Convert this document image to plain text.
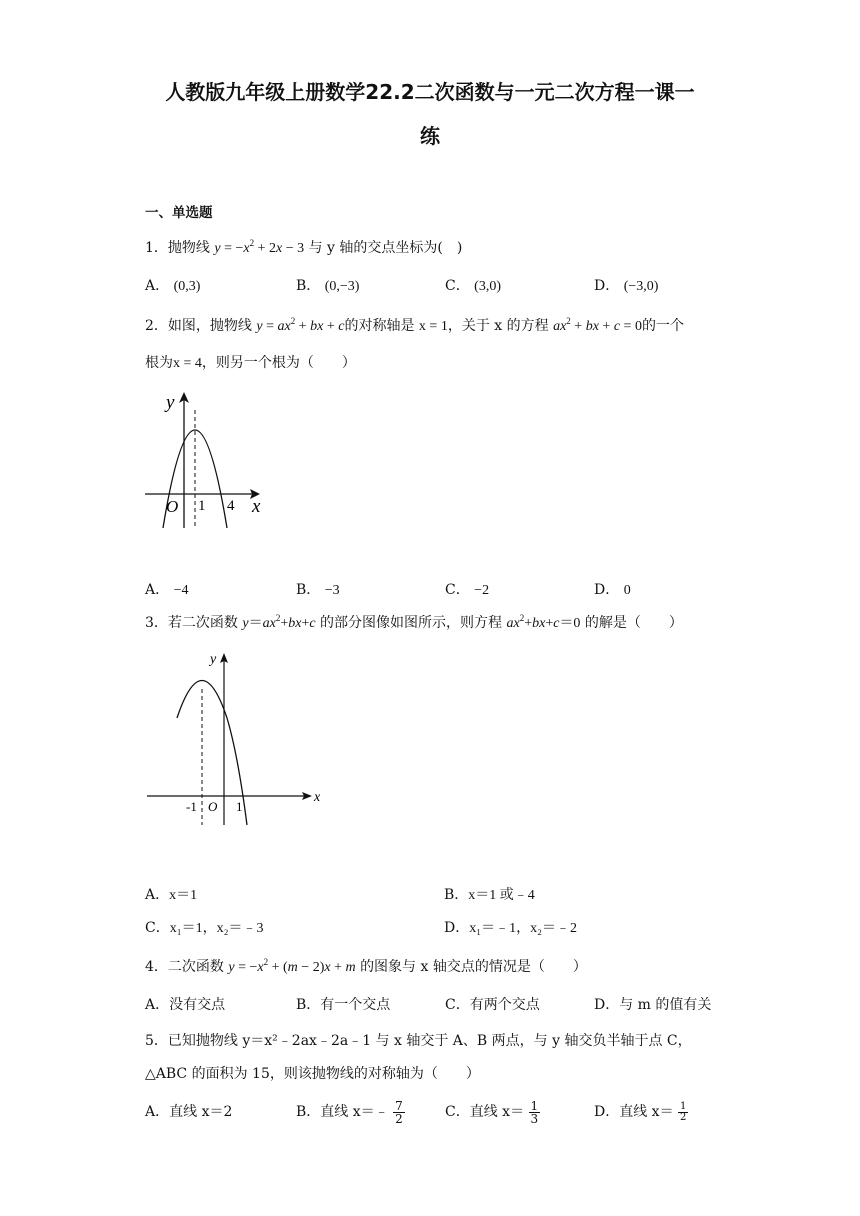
人教版九年级上册数学22.2二次函数与一元二次方程一课一
练
一、单选题
1．抛物线 $y = -x^2 + 2x - 3$ 与 y 轴的交点坐标为(　)
A． (0,3)	B． (0,−3)	C． (3,0)	D． (−3,0)
2．如图，抛物线 $y = ax^2$ + bx + c的对称轴是 x = 1，关于 x 的方程 $ax^2$ + bx + c = 0的一个
根为x = 4，则另一个根为（　　）
y
x
O 1 4
A． −4	B． −3	C． −2	D． 0
3．若二次函数 $y=ax^2+bx+c$ 的部分图像如图所示，则方程 $ax^2+bx+c=0$ 的解是（　　）
y
x
O
-1	1
A．x＝1	B．x＝1 或﹣4
C．x₁＝1，x₂＝﹣3	D．x₁＝﹣1，x₂＝﹣2
4．二次函数 $y = -x^2 + (m - 2)x + m$ 的图象与 x 轴交点的情况是（　　）
A．没有交点	B．有一个交点	C．有两个交点	D．与 m 的值有关
5．已知抛物线 y＝x²﹣2ax﹣2a﹣1 与 x 轴交于 A、B 两点，与 y 轴交负半轴于点 C，
△ABC 的面积为 15，则该抛物线的对称轴为（　　）
A．直线 x＝2	B．直线 x＝﹣ $\frac{7}{2}$	C．直线 $x= \frac{1}{3}$	D．直线 $x= \frac{1}{2}$
